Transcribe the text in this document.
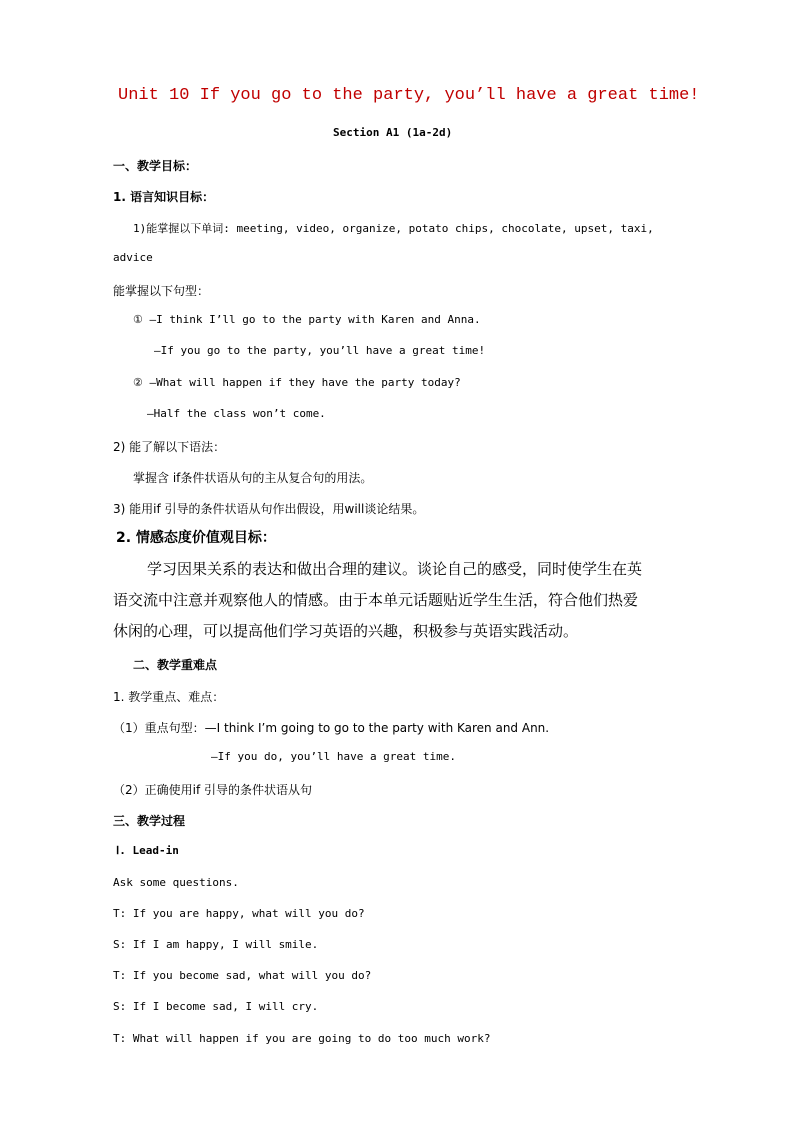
Unit 10 If you go to the party, you’ll have a great time!
Section A1 (1a-2d)
一、教学目标：
1. 语言知识目标：
1)能掌握以下单词: meeting, video, organize, potato chips, chocolate, upset, taxi,
advice
能掌握以下句型：
① —I think I’ll go to the party with Karen and Anna.
—If you go to the party, you’ll have a great time!
② —What will happen if they have the party today?
—Half the class won’t come.
2) 能了解以下语法：
掌握含 if条件状语从句的主从复合句的用法。
3) 能用if 引导的条件状语从句作出假设，用will谈论结果。
2. 情感态度价值观目标：
学习因果关系的表达和做出合理的建议。谈论自己的感受，同时使学生在英
语交流中注意并观察他人的情感。由于本单元话题贴近学生生活，符合他们热爱
休闲的心理，可以提高他们学习英语的兴趣，积极参与英语实践活动。
二、教学重难点
1. 教学重点、难点：
（1）重点句型：—I think I’m going to go to the party with Karen and Ann.
—If you do, you’ll have a great time.
（2）正确使用if 引导的条件状语从句
三、教学过程
Ⅰ. Lead-in
Ask some questions.
T: If you are happy, what will you do?
S: If I am happy, I will smile.
T: If you become sad, what will you do?
S: If I become sad, I will cry.
T: What will happen if you are going to do too much work?
